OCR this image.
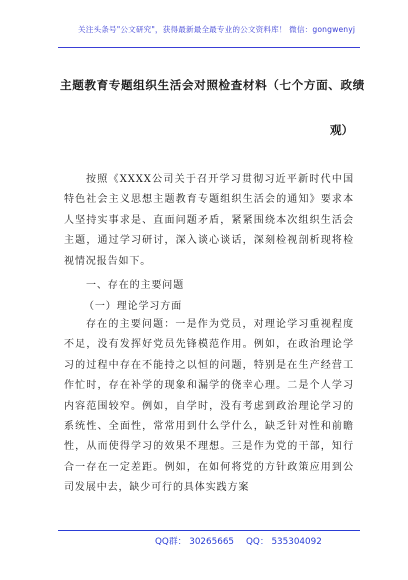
关注头条号"公文研究"，获得最新最全最专业的公文资料库！ 微信：gongwenyj
主题教育专题组织生活会对照检查材料（七个方面、政绩
观）

按照《XXXX公司关于召开学习贯彻习近平新时代中国特色社会主义思想主题教育专题组织生活会的通知》要求本人坚持实事求是、直面问题矛盾，紧紧围绕本次组织生活会主题，通过学习研讨，深入谈心谈话，深刻检视剖析现将检视情况报告如下。

一、存在的主要问题
（一）理论学习方面

存在的主要问题：一是作为党员，对理论学习重视程度不足，没有发挥好党员先锋模范作用。例如，在政治理论学习的过程中存在不能持之以恒的问题，特别是在生产经营工作忙时，存在补学的现象和漏学的侥幸心理。二是个人学习内容范围较窄。例如，自学时，没有考虑到政治理论学习的系统性、全面性，常常用到什么学什么，缺乏针对性和前瞻性，从而使得学习的效果不理想。三是作为党的干部，知行合一存在一定差距。例如，在如何将党的方针政策应用到公司发展中去，缺少可行的具体实践方案

QQ群： 30265665 QQ： 535304092
